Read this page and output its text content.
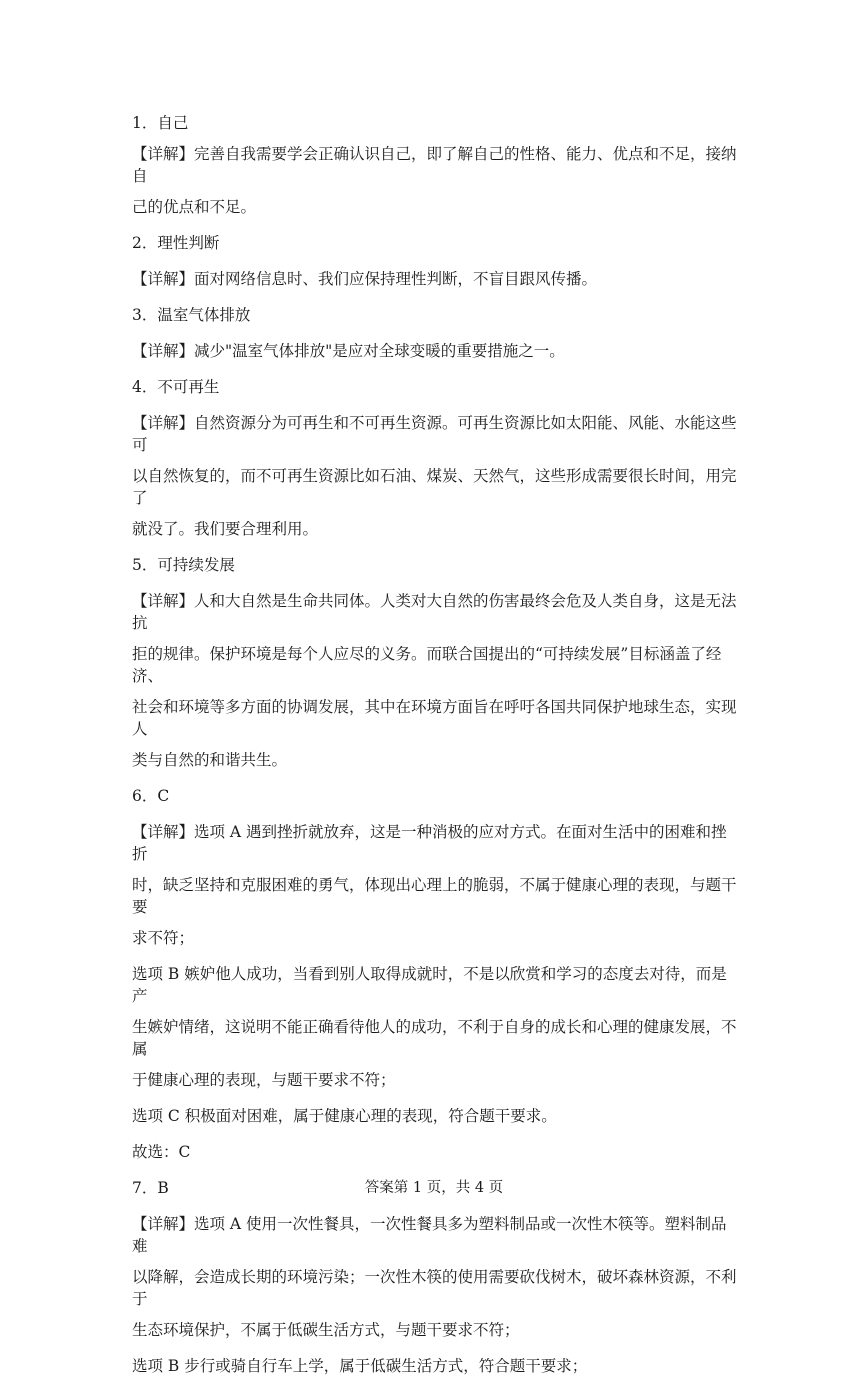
1．自己

【详解】完善自我需要学会正确认识自己，即了解自己的性格、能力、优点和不足，接纳自

己的优点和不足。

2．理性判断

【详解】面对网络信息时、我们应保持理性判断，不盲目跟风传播。

3．温室气体排放

【详解】减少"温室气体排放"是应对全球变暖的重要措施之一。

4．不可再生

【详解】自然资源分为可再生和不可再生资源。可再生资源比如太阳能、风能、水能这些可

以自然恢复的，而不可再生资源比如石油、煤炭、天然气，这些形成需要很长时间，用完了

就没了。我们要合理利用。

5．可持续发展

【详解】人和大自然是生命共同体。人类对大自然的伤害最终会危及人类自身，这是无法抗

拒的规律。保护环境是每个人应尽的义务。而联合国提出的“可持续发展”目标涵盖了经济、

社会和环境等多方面的协调发展，其中在环境方面旨在呼吁各国共同保护地球生态，实现人

类与自然的和谐共生。

6．C

【详解】选项 A 遇到挫折就放弃，这是一种消极的应对方式。在面对生活中的困难和挫折

时，缺乏坚持和克服困难的勇气，体现出心理上的脆弱，不属于健康心理的表现，与题干要

求不符；

选项 B 嫉妒他人成功，当看到别人取得成就时，不是以欣赏和学习的态度去对待，而是产

生嫉妒情绪，这说明不能正确看待他人的成功，不利于自身的成长和心理的健康发展，不属

于健康心理的表现，与题干要求不符；

选项 C 积极面对困难，属于健康心理的表现，符合题干要求。

故选：C

7．B

【详解】选项 A 使用一次性餐具，一次性餐具多为塑料制品或一次性木筷等。塑料制品难

以降解，会造成长期的环境污染；一次性木筷的使用需要砍伐树木，破坏森林资源，不利于

生态环境保护，不属于低碳生活方式，与题干要求不符；

选项 B 步行或骑自行车上学，属于低碳生活方式，符合题干要求；

答案第 1 页，共 4 页
